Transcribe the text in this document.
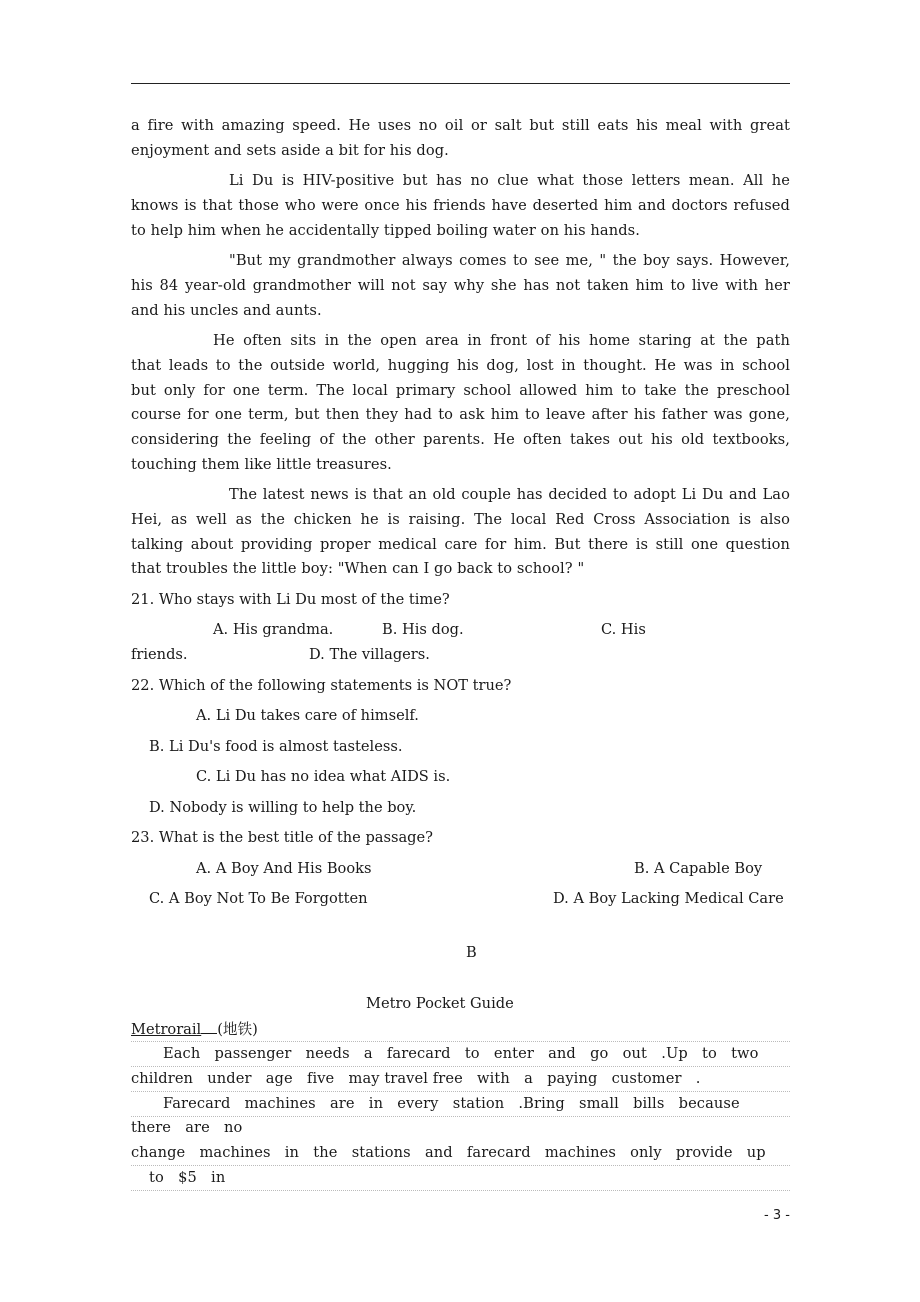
a fire with amazing speed. He uses no oil or salt but still eats his meal with great
enjoyment and sets aside a bit for his dog.
Li Du is HIV-positive but has no clue what those letters mean. All he
knows is that those who were once his friends have deserted him and doctors refused
to help him when he accidentally tipped boiling water on his hands.
"But my grandmother always comes to see me, " the boy says. However,
his 84 year-old grandmother will not say why she has not taken him to live with her
and his uncles and aunts.
He often sits in the open area in front of his home staring at the path
that leads to the outside world, hugging his dog, lost in thought. He was in school
but only for one term. The local primary school allowed him to take the preschool
course for one term, but then they had to ask him to leave after his father was gone,
considering the feeling of the other parents. He often takes out his old textbooks,
touching them like little treasures.
The latest news is that an old couple has decided to adopt Li Du and Lao
Hei, as well as the chicken he is raising. The local Red Cross Association is also
talking about providing proper medical care for him. But there is still one question
that troubles the little boy: "When can I go back to school? "
21. Who stays with Li Du most of the time?
A. His grandma.	B. His dog.	C. His
friends.	D. The villagers.
22. Which of the following statements is NOT true?
A. Li Du takes care of himself.
B. Li Du's food is almost tasteless.
C. Li Du has no idea what AIDS is.
D. Nobody is willing to help the boy.
23. What is the best title of the passage?
A. A Boy And His Books	B. A Capable Boy
C. A Boy Not To Be Forgotten	D. A Boy Lacking Medical Care
B
Metro Pocket Guide
Metrorail (地铁)
Each   passenger   needs   a   farecard   to   enter   and   go   out   .Up   to   two
children   under   age   five   may travel free   with   a   paying   customer   .
Farecard   machines   are   in   every   station   .Bring   small   bills   because
there   are   no
change   machines   in   the   stations   and   farecard   machines   only   provide   up
to   $5   in
- 3 -
